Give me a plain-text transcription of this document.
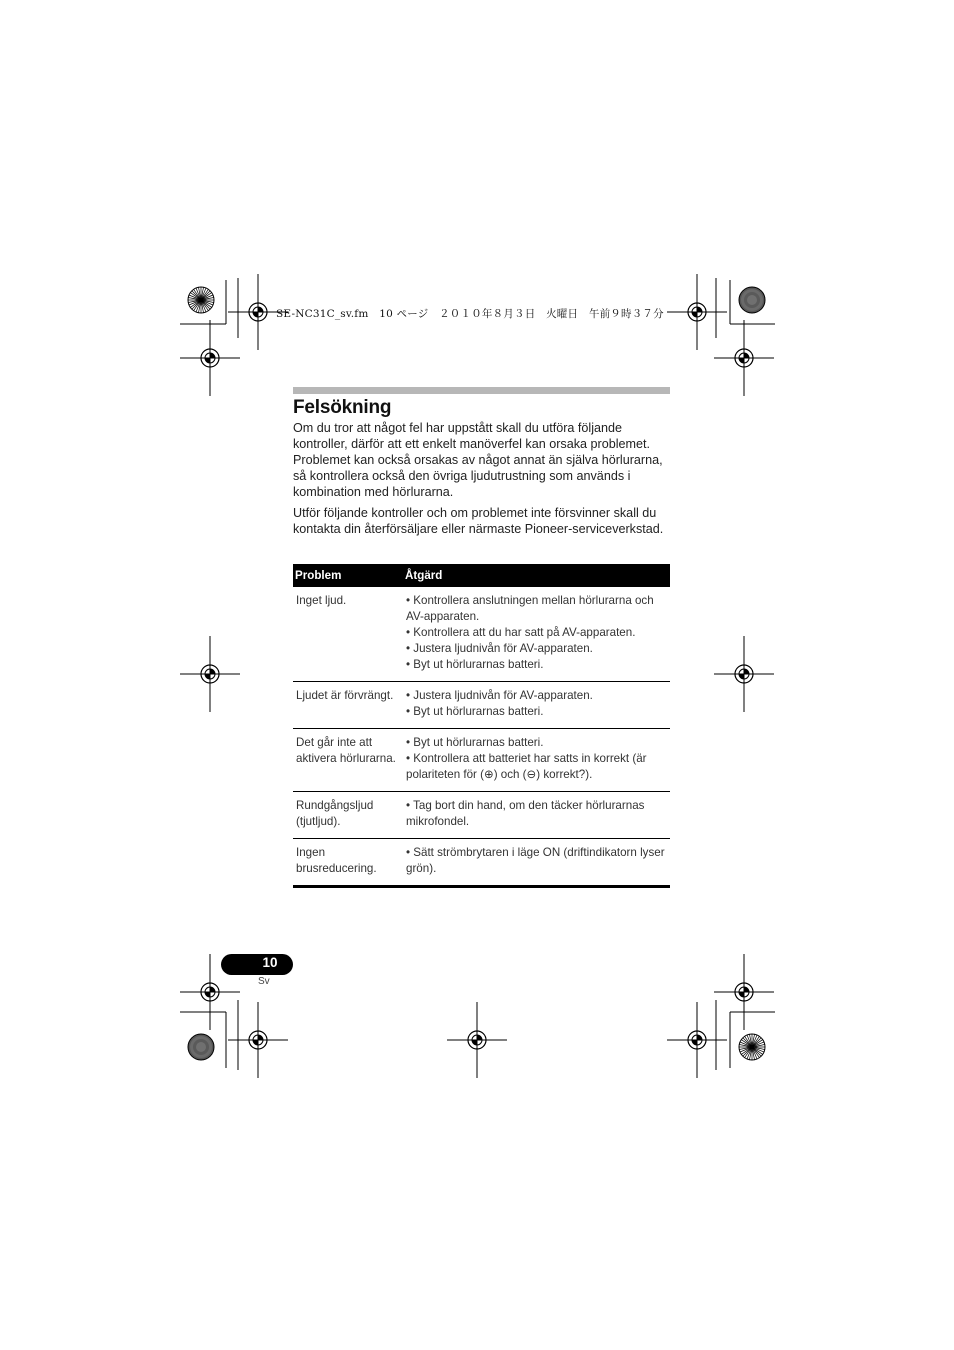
SE-NC31C_sv.fm　10 ページ　２０１０年８月３日　火曜日　午前９時３７分
Felsökning

Om du tror att något fel har uppstått skall du utföra följande kontroller, därför att ett enkelt manöverfel kan orsaka problemet. Problemet kan också orsakas av något annat än själva hörlurarna, så kontrollera också den övriga ljudutrustning som används i kombination med hörlurarna.

Utför följande kontroller och om problemet inte försvinner skall du kontakta din återförsäljare eller närmaste Pioneer-serviceverkstad.

Problem	Åtgärd
Inget ljud.	• Kontrollera anslutningen mellan hörlurarna och AV-apparaten.
• Kontrollera att du har satt på AV-apparaten.
• Justera ljudnivån för AV-apparaten.
• Byt ut hörlurarnas batteri.

Ljudet är förvrängt.	• Justera ljudnivån för AV-apparaten.
• Byt ut hörlurarnas batteri.

Det går inte att aktivera hörlurarna.	• Byt ut hörlurarnas batteri.
• Kontrollera att batteriet har satts in korrekt (är polariteten för (⊕) och (⊖) korrekt?).

Rundgångsljud (tjutljud).	• Tag bort din hand, om den täcker hörlurarnas mikrofondel.

Ingen brusreducering.	• Sätt strömbrytaren i läge ON (driftindikatorn lyser grön).
10
Sv
